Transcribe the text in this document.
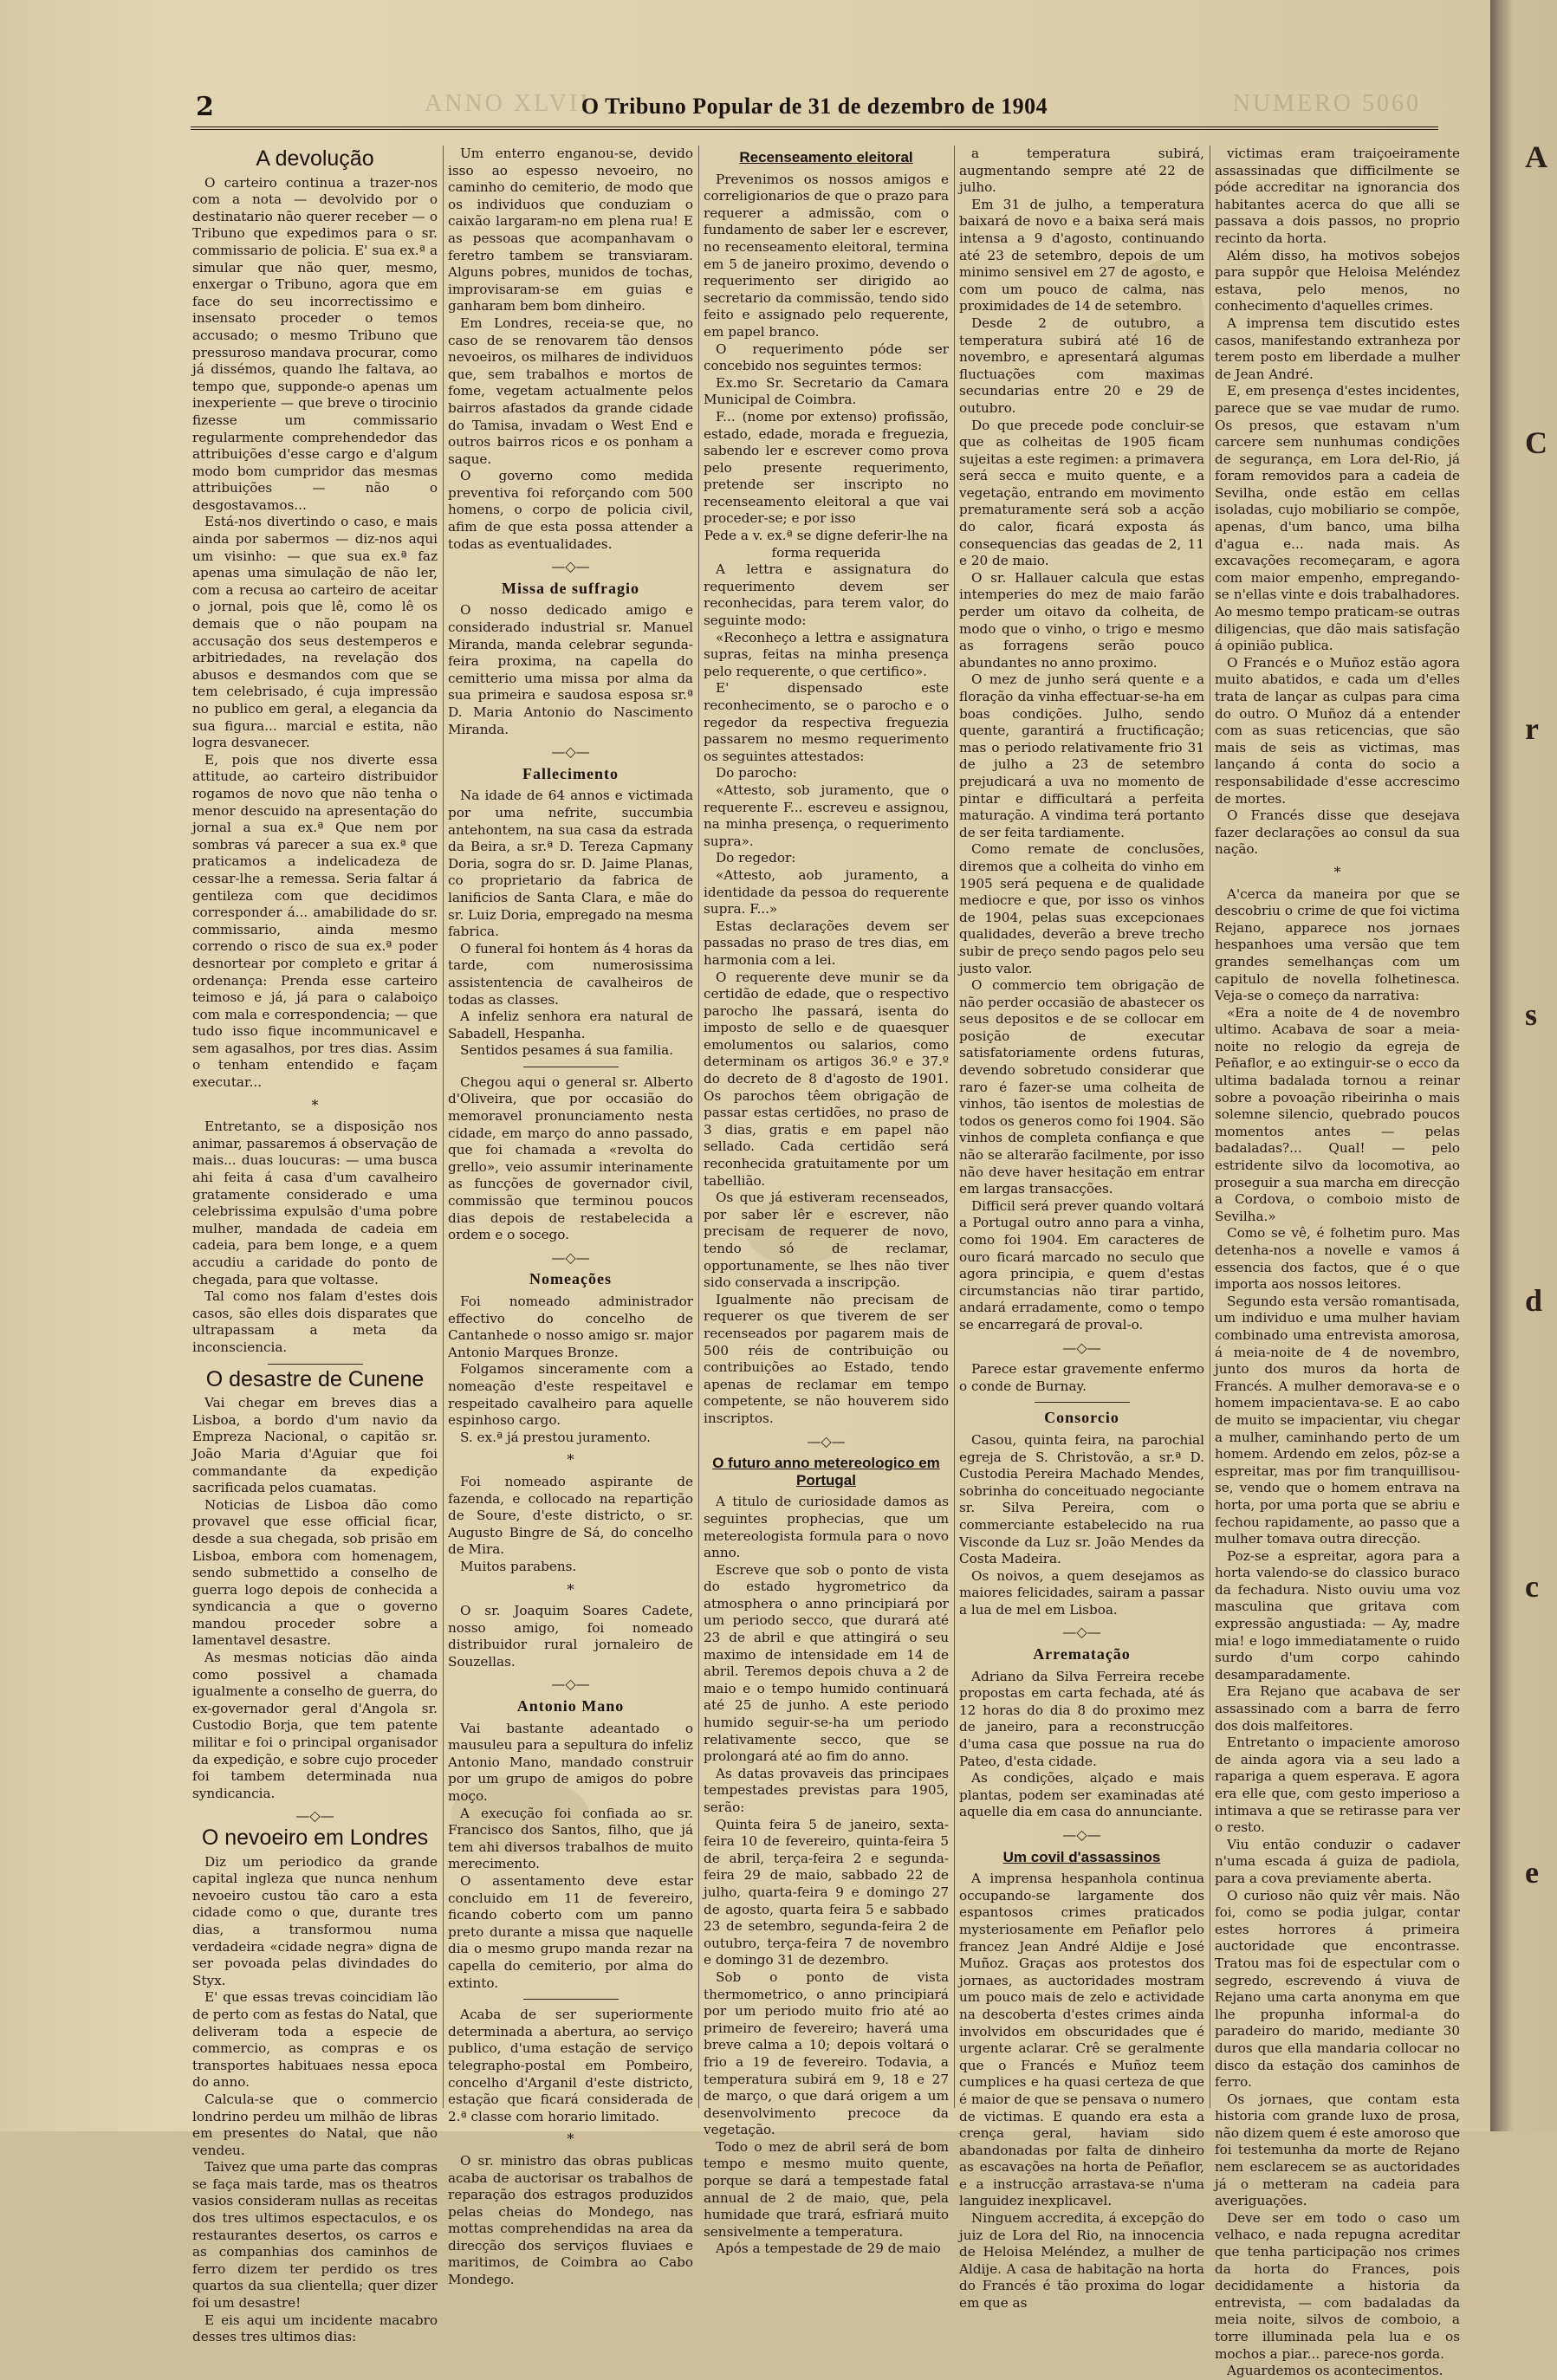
2	ANNO XLVII	NUMERO 5060
O Tribuno Popular de 31 de dezembro de 1904
A devolução

O carteiro continua a trazer-nos com a nota — devolvido por o destinatario não querer receber — o Tribuno que expedimos para o sr. commissario de policia. E' sua ex.ª a simular que não quer, mesmo, enxergar o Tribuno, agora que em face do seu incorrectissimo e insensato proceder o temos accusado; o mesmo Tribuno que pressuroso mandava procurar, como já dissémos, quando lhe faltava, ao tempo que, supponde-o apenas um inexperiente — que breve o tirocinio fizesse um commissario regularmente comprehendedor das attribuições d'esse cargo e d'algum modo bom cumpridor das mesmas attribuições — não o desgostavamos...

Está-nos divertindo o caso, e mais ainda por sabermos — diz-nos aqui um visinho: — que sua ex.ª faz apenas uma simulação de não ler, com a recusa ao carteiro de aceitar o jornal, pois que lê, como lê os demais que o não poupam na accusação dos seus destemperos e arbitriedades, na revelação dos abusos e desmandos com que se tem celebrisado, é cuja impressão no publico em geral, a elegancia da sua figura... marcial e estita, não logra desvanecer.

E, pois que nos diverte essa attitude, ao carteiro distribuidor rogamos de novo que não tenha o menor descuido na apresentação do jornal a sua ex.ª Que nem por sombras vá parecer a sua ex.ª que praticamos a indelicadeza de cessar-lhe a remessa. Seria faltar á gentileza com que decidimos corresponder á... amabilidade do sr. commissario, ainda mesmo correndo o risco de sua ex.ª poder desnortear por completo e gritar á ordenança: Prenda esse carteiro teimoso e já, já para o calaboiço com mala e correspondencia; — que tudo isso fique incommunicavel e sem agasalhos, por tres dias. Assim o tenham entendido e façam executar...

*

Entretanto, se a disposição nos animar, passaremos á observação de mais... duas loucuras: — uma busca ahi feita á casa d'um cavalheiro gratamente considerado e uma celebrissima expulsão d'uma pobre mulher, mandada de cadeia em cadeia, para bem longe, e a quem accudiu a caridade do ponto de chegada, para que voltasse.

Tal como nos falam d'estes dois casos, são elles dois disparates que ultrapassam a meta da inconsciencia.

O desastre de Cunene

Vai chegar em breves dias a Lisboa, a bordo d'um navio da Empreza Nacional, o capitão sr. João Maria d'Aguiar que foi commandante da expedição sacrificada pelos cuamatas.

Noticias de Lisboa dão como provavel que esse official ficar, desde a sua chegada, sob prisão em Lisboa, embora com homenagem, sendo submettido a conselho de guerra logo depois de conhecida a syndicancia a que o governo mandou proceder sobre a lamentavel desastre.

As mesmas noticias dão ainda como possivel a chamada igualmente a conselho de guerra, do ex-governador geral d'Angola sr. Custodio Borja, que tem patente militar e foi o principal organisador da expedição, e sobre cujo proceder foi tambem determinada nua syndicancia.

—◇—
O nevoeiro em Londres

Diz um periodico da grande capital ingleza que nunca nenhum nevoeiro custou tão caro a esta cidade como o que, durante tres dias, a transformou numa verdadeira «cidade negra» digna de ser povoada pelas divindades do Styx.

E' que essas trevas coincidiam lão de perto com as festas do Natal, que deliveram toda a especie de commercio, as compras e os transportes habituaes nessa epoca do anno.

Calcula-se que o commercio londrino perdeu um milhão de libras em presentes do Natal, que não vendeu.

Taivez que uma parte das compras se faça mais tarde, mas os theatros vasios consideram nullas as receitas dos tres ultimos espectaculos, e os restaurantes desertos, os carros e as companhias dos caminhos de ferro dizem ter perdido os tres quartos da sua clientella; quer dizer foi um desastre!

E eis aqui um incidente macabro desses tres ultimos dias:

Um enterro enganou-se, devido isso ao espesso nevoeiro, no caminho do cemiterio, de modo que os individuos que conduziam o caixão largaram-no em plena rua! E as pessoas que acompanhavam o feretro tambem se transviaram. Alguns pobres, munidos de tochas, improvisaram-se em guias e ganharam bem bom dinheiro.

Em Londres, receia-se que, no caso de se renovarem tão densos nevoeiros, os milhares de individuos que, sem trabalhos e mortos de fome, vegetam actualmente pelos bairros afastados da grande cidade do Tamisa, invadam o West End e outros bairros ricos e os ponham a saque.

O governo como medida preventiva foi reforçando com 500 homens, o corpo de policia civil, afim de que esta possa attender a todas as eventualidades.

—◇—
Missa de suffragio

O nosso dedicado amigo e considerado industrial sr. Manuel Miranda, manda celebrar segunda-feira proxima, na capella do cemitterio uma missa por alma da sua primeira e saudosa esposa sr.ª D. Maria Antonio do Nascimento Miranda.

—◇—
Fallecimento

Na idade de 64 annos e victimada por uma nefrite, succumbia antehontem, na sua casa da estrada da Beira, a sr.ª D. Tereza Capmany Doria, sogra do sr. D. Jaime Planas, co proprietario da fabrica de lanificios de Santa Clara, e mãe do sr. Luiz Doria, empregado na mesma fabrica.

O funeral foi hontem ás 4 horas da tarde, com numerosissima assistentencia de cavalheiros de todas as classes.

A infeliz senhora era natural de Sabadell, Hespanha.

Sentidos pesames á sua familia.

Chegou aqui o general sr. Alberto d'Oliveira, que por occasião do memoravel pronunciamento nesta cidade, em março do anno passado, que foi chamada a «revolta do grello», veio assumir interinamente as funcções de governador civil, commissão que terminou poucos dias depois de restabelecida a ordem e o socego.

—◇—
Nomeações

Foi nomeado administrador effectivo do concelho de Cantanhede o nosso amigo sr. major Antonio Marques Bronze.

Folgamos sinceramente com a nomeação d'este respeitavel e respeitado cavalheiro para aquelle espinhoso cargo.

S. ex.ª já prestou juramento.

*

Foi nomeado aspirante de fazenda, e collocado na repartição de Soure, d'este districto, o sr. Augusto Bingre de Sá, do concelho de Mira.

Muitos parabens.

*

O sr. Joaquim Soares Cadete, nosso amigo, foi nomeado distribuidor rural jornaleiro de Souzellas.

—◇—
Antonio Mano

Vai bastante adeantado o mausuleu para a sepultura do infeliz Antonio Mano, mandado construir por um grupo de amigos do pobre moço.

A execução foi confiada ao sr. Francisco dos Santos, filho, que já tem ahi diversos trabalhos de muito merecimento.

O assentamento deve estar concluido em 11 de fevereiro, ficando coberto com um panno preto durante a missa que naquelle dia o mesmo grupo manda rezar na capella do cemiterio, por alma do extinto.

Acaba de ser superiormente determinada a abertura, ao serviço publico, d'uma estação de serviço telegrapho-postal em Pombeiro, concelho d'Arganil d'este districto, estação que ficará considerada de 2.ª classe com horario limitado.

*

O sr. ministro das obras publicas acaba de auctorisar os trabalhos de reparação dos estragos produzidos pelas cheias do Mondego, nas mottas comprehendidas na area da direcção dos serviços fluviaes e maritimos, de Coimbra ao Cabo Mondego.

Recenseamento eleitoral

Prevenimos os nossos amigos e correligionarios de que o prazo para requerer a admissão, com o fundamento de saber ler e escrever, no recenseamento eleitoral, termina em 5 de janeiro proximo, devendo o requerimento ser dirigido ao secretario da commissão, tendo sido feito e assignado pelo requerente, em papel branco.

O requerimento póde ser concebido nos seguintes termos:

Ex.mo Sr. Secretario da Camara Municipal de Coimbra.

F... (nome por extenso) profissão, estado, edade, morada e freguezia, sabendo ler e escrever como prova pelo presente requerimento, pretende ser inscripto no recenseamento eleitoral a que vai proceder-se; e por isso

Pede a v. ex.ª se digne deferir-lhe na forma requerida

A lettra e assignatura do requerimento devem ser reconhecidas, para terem valor, do seguinte modo:

«Reconheço a lettra e assignatura supras, feitas na minha presença pelo requerente, o que certifico».

E' dispensado este reconhecimento, se o parocho e o regedor da respectiva freguezia passarem no mesmo requerimento os seguintes attestados:

Do parocho:

«Attesto, sob juramento, que o requerente F... escreveu e assignou, na minha presença, o requerimento supra».

Do regedor:

«Attesto, aob juramento, a identidade da pessoa do requerente supra. F...»

Estas declarações devem ser passadas no praso de tres dias, em harmonia com a lei.

O requerente deve munir se da certidão de edade, que o respectivo parocho lhe passará, isenta do imposto de sello e de quaesquer emolumentos ou salarios, como determinam os artigos 36.º e 37.º do decreto de 8 d'agosto de 1901. Os parochos têem obrigação de passar estas certidões, no praso de 3 dias, gratis e em papel não sellado. Cada certidão será reconhecida gratuitamente por um tabellião.

Os que já estiveram recenseados, por saber lêr e escrever, não precisam de requerer de novo, tendo só de reclamar, opportunamente, se lhes não tiver sido conservada a inscripção.

Igualmente não precisam de requerer os que tiverem de ser recenseados por pagarem mais de 500 réis de contribuição ou contribuições ao Estado, tendo apenas de reclamar em tempo competente, se não houverem sido inscriptos.

—◇—
O futuro anno metereologico em Portugal

A titulo de curiosidade damos as seguintes prophecias, que um metereologista formula para o novo anno.

Escreve que sob o ponto de vista do estado hygrometrico da atmosphera o anno principiará por um periodo secco, que durará até 23 de abril e que attingirá o seu maximo de intensidade em 14 de abril. Teremos depois chuva a 2 de maio e o tempo humido continuará até 25 de junho. A este periodo humido seguir-se-ha um periodo relativamente secco, que se prolongará até ao fim do anno.

As datas provaveis das principaes tempestades previstas para 1905, serão:

Quinta feira 5 de janeiro, sexta-feira 10 de fevereiro, quinta-feira 5 de abril, terça-feira 2 e segunda-feira 29 de maio, sabbado 22 de julho, quarta-feira 9 e domingo 27 de agosto, quarta feira 5 e sabbado 23 de setembro, segunda-feira 2 de outubro, terça-feira 7 de novembro e domingo 31 de dezembro.

Sob o ponto de vista thermometrico, o anno principiará por um periodo muito frio até ao primeiro de fevereiro; haverá uma breve calma a 10; depois voltará o frio a 19 de fevereiro. Todavia, a temperatura subirá em 9, 18 e 27 de março, o que dará origem a um desenvolvimento precoce da vegetação.

Todo o mez de abril será de bom tempo e mesmo muito quente, porque se dará a tempestade fatal annual de 2 de maio, que, pela humidade que trará, esfriará muito sensivelmente a temperatura.

Após a tempestade de 29 de maio

a temperatura subirá, augmentando sempre até 22 de julho.

Em 31 de julho, a temperatura baixará de novo e a baixa será mais intensa a 9 d'agosto, continuando até 23 de setembro, depois de um minimo sensivel em 27 de agosto, e com um pouco de calma, nas proximidades de 14 de setembro.

Desde 2 de outubro, a temperatura subirá até 16 de novembro, e apresentará algumas fluctuações com maximas secundarias entre 20 e 29 de outubro.

Do que precede pode concluir-se que as colheitas de 1905 ficam sujeitas a este regimen: a primavera será secca e muito quente, e a vegetação, entrando em movimento prematuramente será sob a acção do calor, ficará exposta ás consequencias das geadas de 2, 11 e 20 de maio.

O sr. Hallauer calcula que estas intemperies do mez de maio farão perder um oitavo da colheita, de modo que o vinho, o trigo e mesmo as forragens serão pouco abundantes no anno proximo.

O mez de junho será quente e a floração da vinha effectuar-se-ha em boas condições. Julho, sendo quente, garantirá a fructificação; mas o periodo relativamente frio 31 de julho a 23 de setembro prejudicará a uva no momento de pintar e difficultará a perfeita maturação. A vindima terá portanto de ser feita tardiamente.

Como remate de conclusões, diremos que a colheita do vinho em 1905 será pequena e de qualidade mediocre e que, por isso os vinhos de 1904, pelas suas excepcionaes qualidades, deverão a breve trecho subir de preço sendo pagos pelo seu justo valor.

O commercio tem obrigação de não perder occasião de abastecer os seus depositos e de se collocar em posição de executar satisfatoriamente ordens futuras, devendo sobretudo considerar que raro é fazer-se uma colheita de vinhos, tão isentos de molestias de todos os generos como foi 1904. São vinhos de completa confiança e que não se alterarão facilmente, por isso não deve haver hesitação em entrar em largas transacções.

Difficil será prever quando voltará a Portugal outro anno para a vinha, como foi 1904. Em caracteres de ouro ficará marcado no seculo que agora principia, e quem d'estas circumstancias não tirar partido, andará erradamente, como o tempo se encarregará de proval-o.

—◇—

Parece estar gravemente enfermo o conde de Burnay.

Consorcio

Casou, quinta feira, na parochial egreja de S. Christovão, a sr.ª D. Custodia Pereira Machado Mendes, sobrinha do conceituado negociante sr. Silva Pereira, com o commerciante estabelecido na rua Visconde da Luz sr. João Mendes da Costa Madeira.

Os noivos, a quem desejamos as maiores felicidades, sairam a passar a lua de mel em Lisboa.

—◇—
Arrematação

Adriano da Silva Ferreira recebe propostas em carta fechada, até ás 12 horas do dia 8 do proximo mez de janeiro, para a reconstrucção d'uma casa que possue na rua do Pateo, d'esta cidade.

As condições, alçado e mais plantas, podem ser examinadas até aquelle dia em casa do annunciante.

—◇—
Um covil d'assassinos

A imprensa hespanhola continua occupando-se largamente dos espantosos crimes praticados mysteriosamente em Peñaflor pelo francez Jean André Aldije e José Muñoz. Graças aos protestos dos jornaes, as auctoridades mostram um pouco mais de zelo e actividade na descoberta d'estes crimes ainda involvidos em obscuridades que é urgente aclarar. Crê se geralmente que o Francés e Muñoz teem cumplices e ha quasi certeza de que é maior de que se pensava o numero de victimas. E quando era esta a crença geral, haviam sido abandonadas por falta de dinheiro as escavações na horta de Peñaflor, e a instrucção arrastava-se n'uma languidez inexplicavel.

Ninguem accredita, á excepção do juiz de Lora del Rio, na innocencia de Heloisa Meléndez, a mulher de Aldije. A casa de habitação na horta do Francés é tão proxima do logar em que as

victimas eram traiçoeiramente assassinadas que difficilmente se póde accreditar na ignorancia dos habitantes acerca do que alli se passava a dois passos, no proprio recinto da horta.

Além disso, ha motivos sobejos para suppôr que Heloisa Meléndez estava, pelo menos, no conhecimento d'aquelles crimes.

A imprensa tem discutido estes casos, manifestando extranheza por terem posto em liberdade a mulher de Jean André.

E, em presença d'estes incidentes, parece que se vae mudar de rumo. Os presos, que estavam n'um carcere sem nunhumas condições de segurança, em Lora del-Rio, já foram removidos para a cadeia de Sevilha, onde estão em cellas isoladas, cujo mobiliario se compõe, apenas, d'um banco, uma bilha d'agua e... nada mais. As excavações recomeçaram, e agora com maior empenho, empregando-se n'ellas vinte e dois trabalhadores. Ao mesmo tempo praticam-se outras diligencias, que dão mais satisfação á opinião publica.

O Francés e o Muñoz estão agora muito abatidos, e cada um d'elles trata de lançar as culpas para cima do outro. O Muñoz dá a entender com as suas reticencias, que são mais de seis as victimas, mas lançando á conta do socio a responsabilidade d'esse accrescimo de mortes.

O Francés disse que desejava fazer declarações ao consul da sua nação.

*

A'cerca da maneira por que se descobriu o crime de que foi victima Rejano, apparece nos jornaes hespanhoes uma versão que tem grandes semelhanças com um capitulo de novella folhetinesca. Veja-se o começo da narrativa:

«Era a noite de 4 de novembro ultimo. Acabava de soar a meia-noite no relogio da egreja de Peñaflor, e ao extinguir-se o ecco da ultima badalada tornou a reinar sobre a povoação ribeirinha o mais solemne silencio, quebrado poucos momentos antes — pelas badaladas?... Qual! — pelo estridente silvo da locomotiva, ao proseguir a sua marcha em direcção a Cordova, o comboio misto de Sevilha.»

Como se vê, é folhetim puro. Mas detenha-nos a novelle e vamos á essencia dos factos, que é o que importa aos nossos leitores.

Segundo esta versão romantisada, um individuo e uma mulher haviam combinado uma entrevista amorosa, á meia-noite de 4 de novembro, junto dos muros da horta de Francés. A mulher demorava-se e o homem impacientava-se. E ao cabo de muito se impacientar, viu chegar a mulher, caminhando perto de um homem. Ardendo em zelos, pôz-se a espreitar, mas por fim tranquillisou-se, vendo que o homem entrava na horta, por uma porta que se abriu e fechou rapidamente, ao passo que a mulher tomava outra direcção.

Poz-se a espreitar, agora para a horta valendo-se do classico buraco da fechadura. Nisto ouviu uma voz masculina que gritava com expressão angustiada: — Ay, madre mia! e logo immediatamente o ruido surdo d'um corpo cahindo desamparadamente.

Era Rejano que acabava de ser assassinado com a barra de ferro dos dois malfeitores.

Entretanto o impaciente amoroso de ainda agora via a seu lado a rapariga a quem esperava. E agora era elle que, com gesto imperioso a intimava a que se retirasse para ver o resto.

Viu então conduzir o cadaver n'uma escada á guiza de padiola, para a cova previamente aberta.

O curioso não quiz vêr mais. Não foi, como se podia julgar, contar estes horrores á primeira auctoridade que encontrasse. Tratou mas foi de espectular com o segredo, escrevendo á viuva de Rejano uma carta anonyma em que lhe propunha informal-a do paradeiro do marido, mediante 30 duros que ella mandaria collocar no disco da estação dos caminhos de ferro.

Os jornaes, que contam esta historia com grande luxo de prosa, não dizem quem é este amoroso que foi testemunha da morte de Rejano nem esclarecem se as auctoridades já o metteram na cadeia para averiguações.

Deve ser em todo o caso um velhaco, e nada repugna acreditar que tenha participação nos crimes da horta do Frances, pois decididamente a historia da entrevista, — com badaladas da meia noite, silvos de comboio, a torre illuminada pela lua e os mochos a piar... parece-nos gorda.

Aguardemos os acontecimentos.

A
C
r
s
d
c
e
